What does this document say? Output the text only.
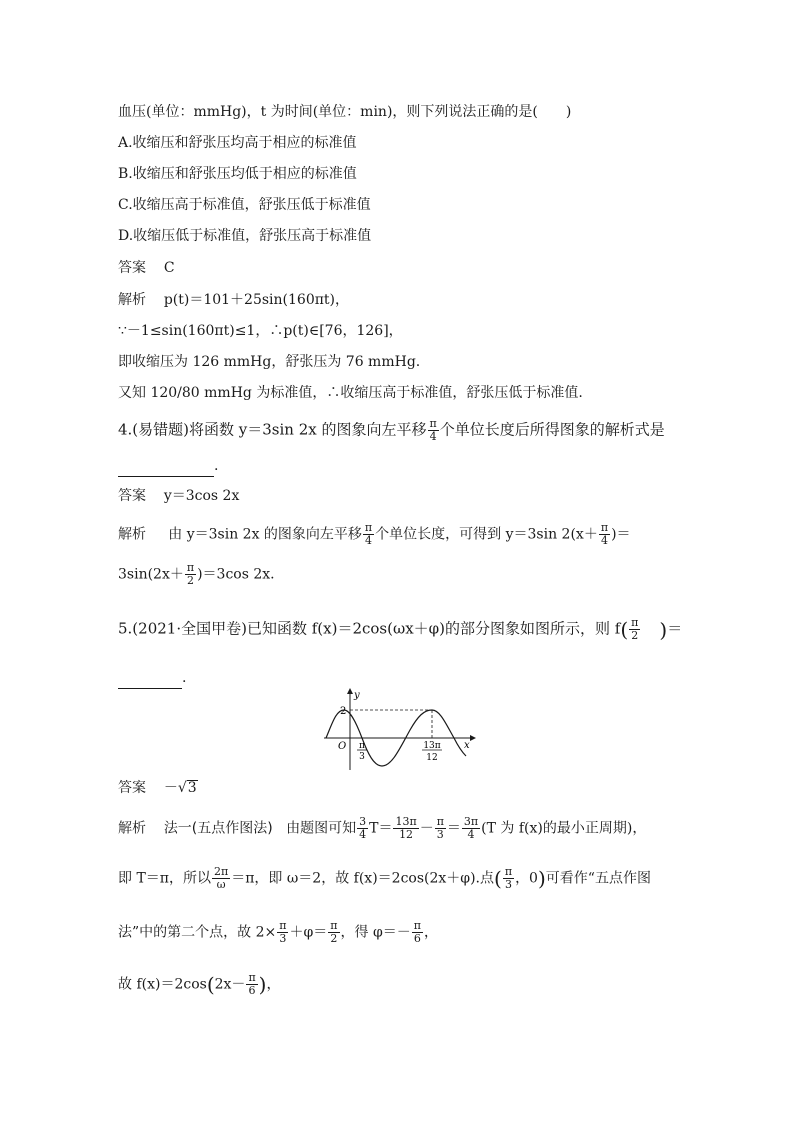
血压(单位：mmHg)，t 为时间(单位：min)，则下列说法正确的是(　　)
A.收缩压和舒张压均高于相应的标准值
B.收缩压和舒张压均低于相应的标准值
C.收缩压高于标准值，舒张压低于标准值
D.收缩压低于标准值，舒张压高于标准值
答案 C
解析 p(t)＝101＋25sin(160πt)，
∵－1≤sin(160πt)≤1，∴p(t)∈[76，126]，
即收缩压为 126 mmHg，舒张压为 76 mmHg.
又知 120/80 mmHg 为标准值，∴收缩压高于标准值，舒张压低于标准值.
4.(易错题)将函数 y＝3sin 2x 的图象向左平移 $\frac{\pi}{4}$ 个单位长度后所得图象的解析式是
.
答案 y＝3cos 2x
解析 由 y＝3sin 2x 的图象向左平移 $\frac{\pi}{4}$ 个单位长度，可得到 y＝3sin $2(x+ \frac{\pi}{4}$ )＝
$3\sin(2x+ \frac{\pi}{2} )=3\cos$ 2x.
5.(2021·全国甲卷)已知函数 f(x)＝2cos(ωx＋φ)的部分图象如图所示，则 $f( \frac{\pi}{2}$ )＝
.
y
x
O
2
π
3
13π
12
答案 －√3
解析 法一(五点作图法) 由题图可知 $\frac{3}{4} T= \frac{13\pi}{12} - \frac{\pi}{3} = \frac{3\pi}{4} (T$ 为 f(x)的最小正周期)，
即 T＝π，所以 $\frac{2\pi}{\omega} =\pi$，即 ω＝2，故 f(x)＝2cos(2x＋φ).点( $\frac{\pi}{3}$ ，0)可看作“五点作图
法”中的第二个点，故 $2\times \frac{\pi}{3} +\varphi= \frac{\pi}{2}$ ，得 $\varphi=- \frac{\pi}{6}$ ，
故 $f(x)=2\cos(2x- \frac{\pi}{6}$ )，
